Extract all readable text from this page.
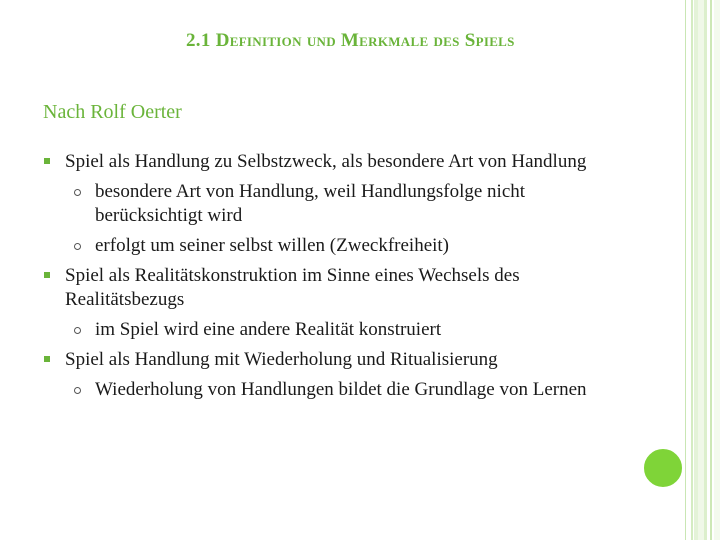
2.1 Definition und Merkmale des Spiels
Nach Rolf Oerter
Spiel als Handlung zu Selbstzweck, als besondere Art von Handlung
besondere Art von Handlung, weil Handlungsfolge nicht berücksichtigt wird
erfolgt um seiner selbst willen (Zweckfreiheit)
Spiel als Realitätskonstruktion im Sinne eines Wechsels des Realitätsbezugs
im Spiel wird eine andere Realität konstruiert
Spiel als Handlung mit Wiederholung und Ritualisierung
Wiederholung von Handlungen bildet die Grundlage von Lernen
